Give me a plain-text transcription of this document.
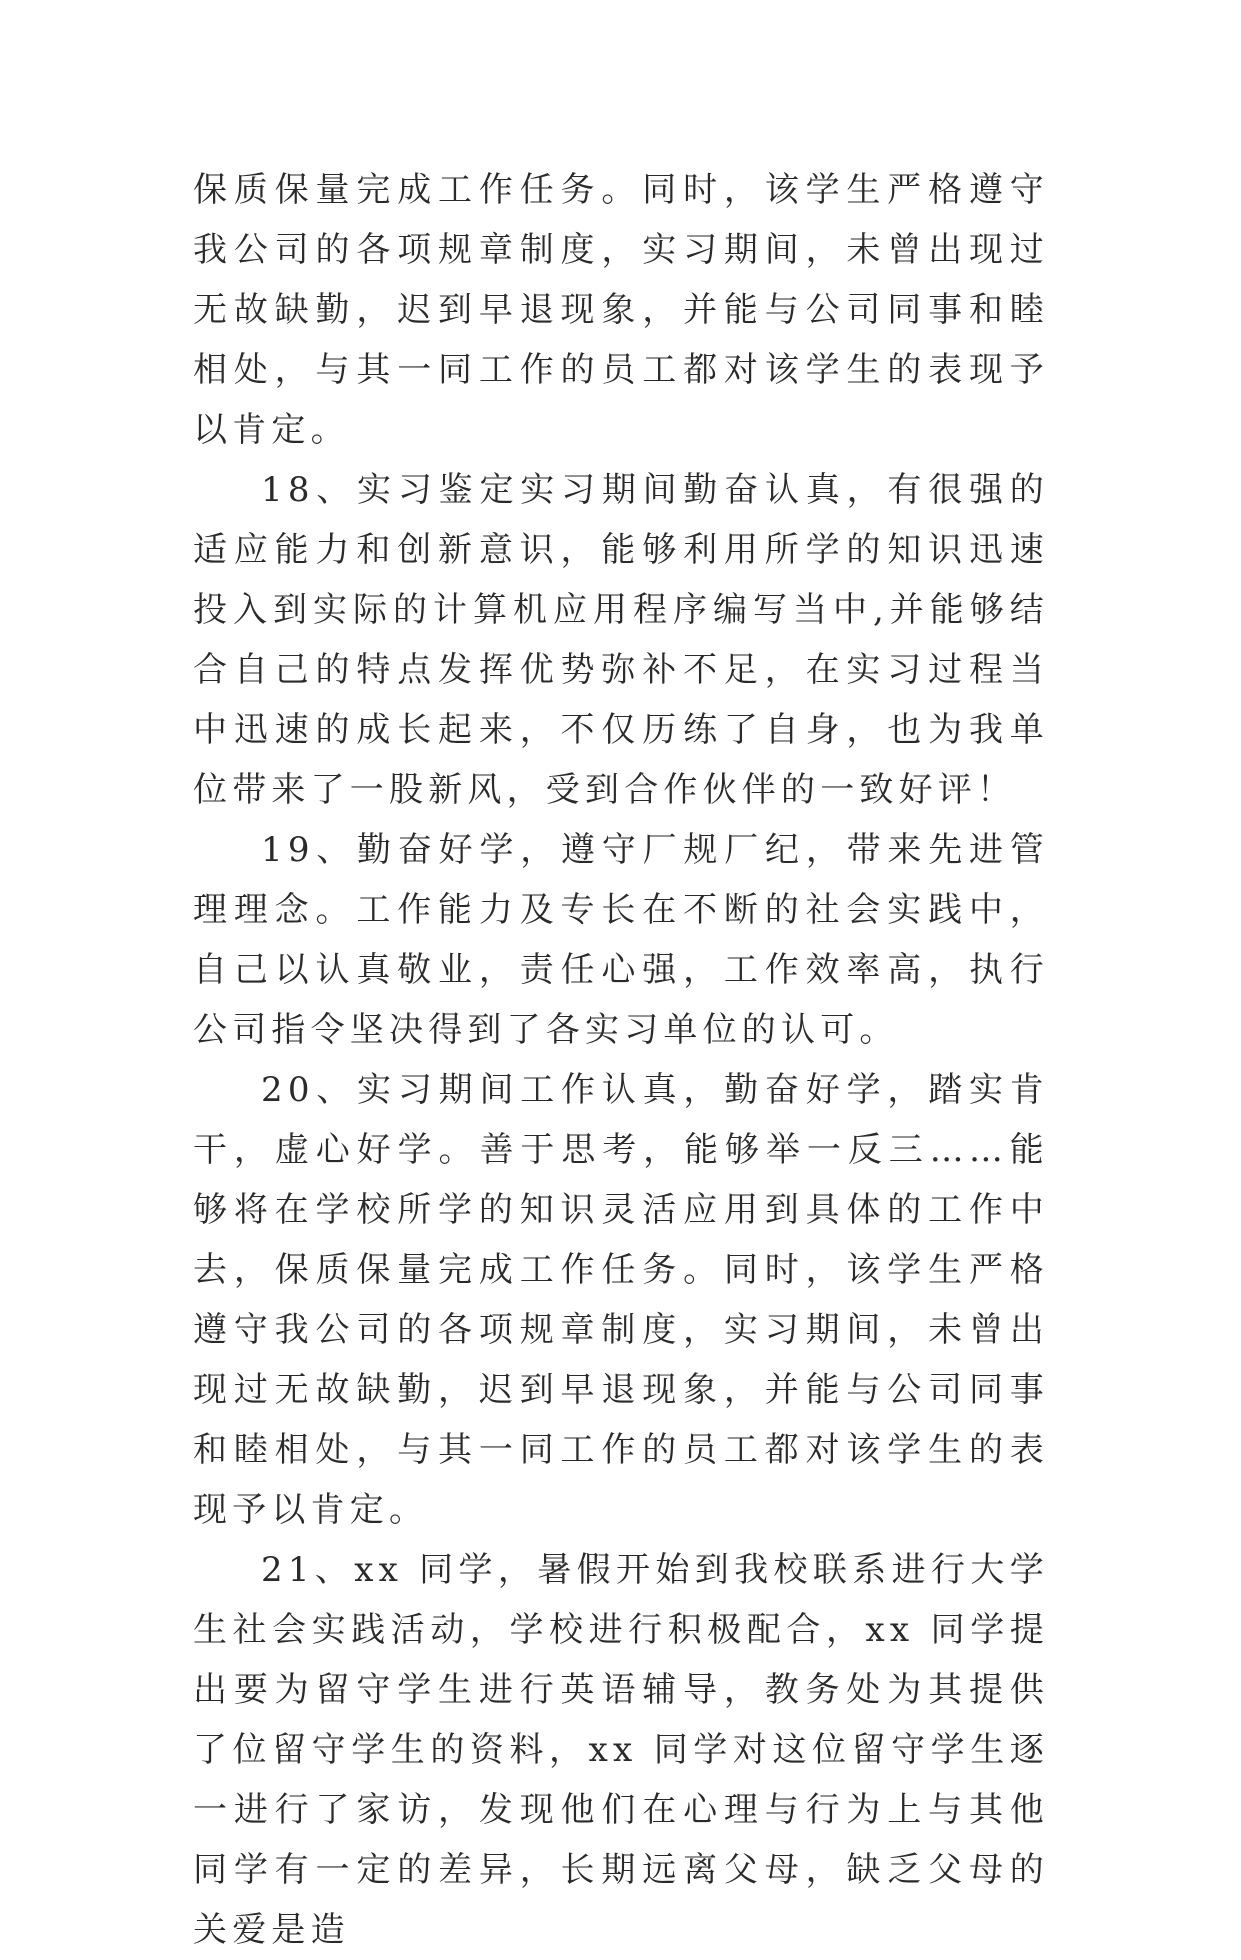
保质保量完成工作任务。同时，该学生严格遵守我公司的各项规章制度，实习期间，未曾出现过无故缺勤，迟到早退现象，并能与公司同事和睦相处，与其一同工作的员工都对该学生的表现予以肯定。

18、实习鉴定实习期间勤奋认真，有很强的适应能力和创新意识，能够利用所学的知识迅速投入到实际的计算机应用程序编写当中,并能够结合自己的特点发挥优势弥补不足，在实习过程当中迅速的成长起来，不仅历练了自身，也为我单位带来了一股新风，受到合作伙伴的一致好评！

19、勤奋好学，遵守厂规厂纪，带来先进管理理念。工作能力及专长在不断的社会实践中，自己以认真敬业，责任心强，工作效率高，执行公司指令坚决得到了各实习单位的认可。

20、实习期间工作认真，勤奋好学，踏实肯干，虚心好学。善于思考，能够举一反三……能够将在学校所学的知识灵活应用到具体的工作中去，保质保量完成工作任务。同时，该学生严格遵守我公司的各项规章制度，实习期间，未曾出现过无故缺勤，迟到早退现象，并能与公司同事和睦相处，与其一同工作的员工都对该学生的表现予以肯定。

21、xx 同学，暑假开始到我校联系进行大学生社会实践活动，学校进行积极配合，xx 同学提出要为留守学生进行英语辅导，教务处为其提供了位留守学生的资料，xx 同学对这位留守学生逐一进行了家访，发现他们在心理与行为上与其他同学有一定的差异，长期远离父母，缺乏父母的关爱是造
